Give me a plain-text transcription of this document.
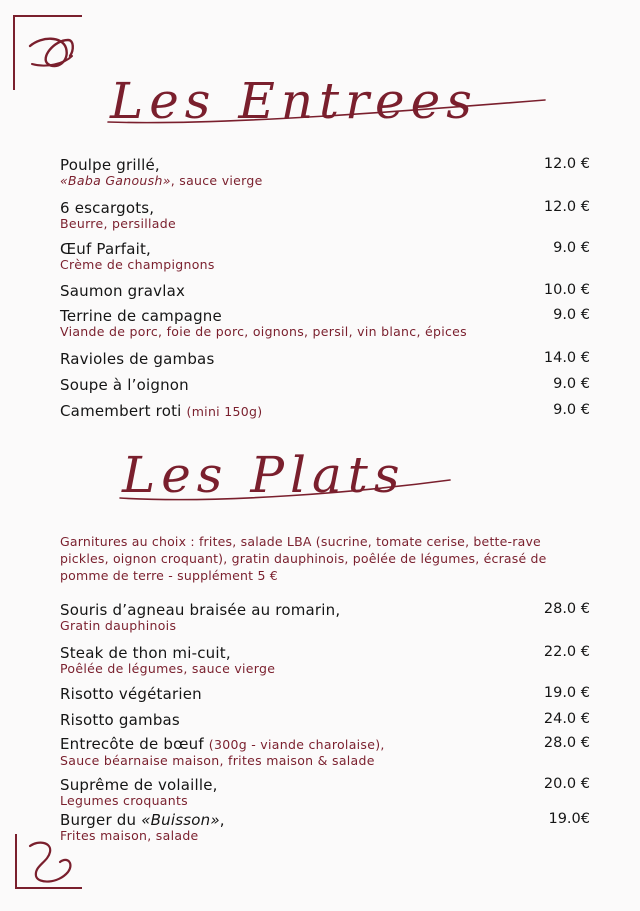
Les Entrees
Poulpe grillé,
«Baba Ganoush», sauce vierge
12.0 €
6 escargots,
Beurre, persillade
12.0 €
Œuf Parfait,
Crème de champignons
9.0 €
Saumon gravlax	10.0 €
Terrine de campagne
Viande de porc, foie de porc, oignons, persil, vin blanc, épices
9.0 €
Ravioles de gambas	14.0 €
Soupe à l’oignon	9.0 €
Camembert roti (mini 150g)	9.0 €
Les Plats
Garnitures au choix : frites, salade LBA (sucrine, tomate cerise, bette-rave pickles, oignon croquant), gratin dauphinois, poêlée de légumes, écrasé de pomme de terre - supplément 5 €
Souris d’agneau braisée au romarin,
Gratin dauphinois
28.0 €
Steak de thon mi-cuit,
Poêlée de légumes, sauce vierge
22.0 €
Risotto végétarien	19.0 €
Risotto gambas	24.0 €
Entrecôte de bœuf (300g - viande charolaise),
Sauce béarnaise maison, frites maison & salade
28.0 €
Suprême de volaille,
Legumes croquants
20.0 €
Burger du «Buisson»,
Frites maison, salade
19.0€
